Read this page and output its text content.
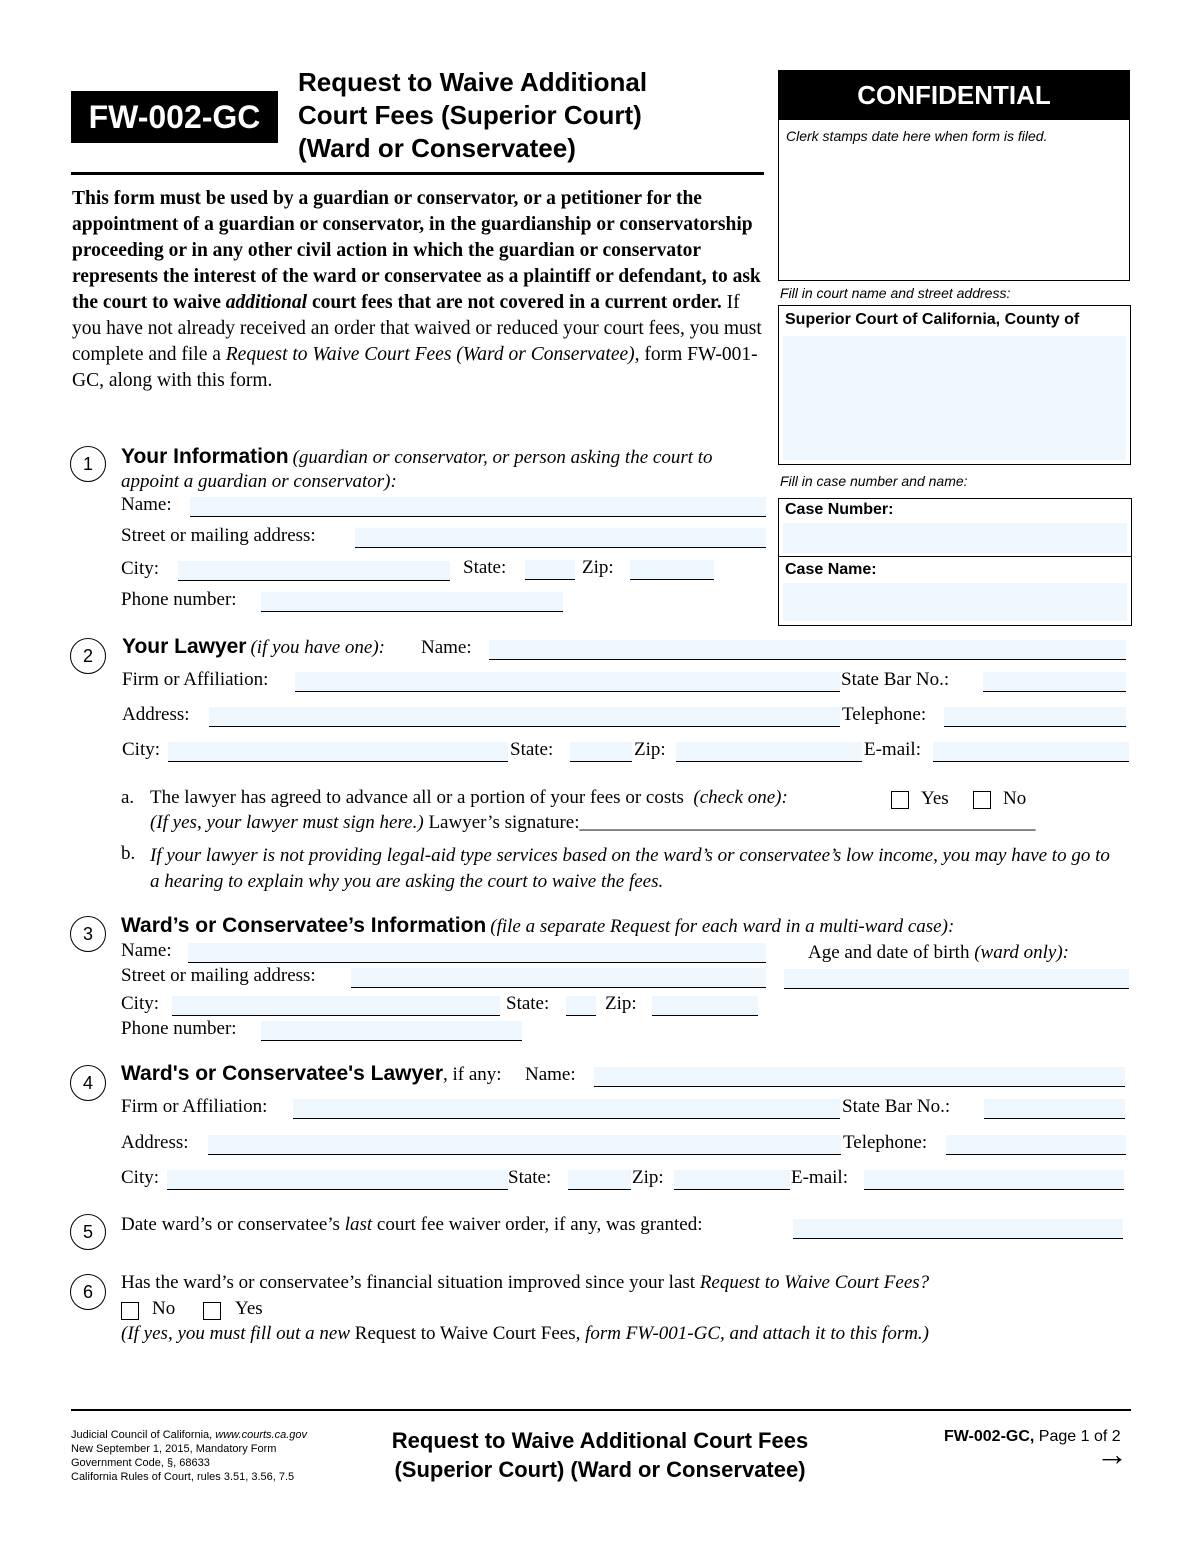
FW-002-GC
Request to Waive Additional
Court Fees (Superior Court)
(Ward or Conservatee)
CONFIDENTIAL
Clerk stamps date here when form is filed.
Fill in court name and street address:
Superior Court of California, County of
Fill in case number and name:
Case Number:
Case Name:
This form must be used by a guardian or conservator, or a petitioner for the appointment of a guardian or conservator, in the guardianship or conservatorship proceeding or in any other civil action in which the guardian or conservator represents the interest of the ward or conservatee as a plaintiff or defendant, to ask the court to waive additional court fees that are not covered in a current order. If you have not already received an order that waived or reduced your court fees, you must complete and file a Request to Waive Court Fees (Ward or Conservatee), form FW-001-GC, along with this form.
1	Your Information (guardian or conservator, or person asking the court to appoint a guardian or conservator):
Name:
Street or mailing address:
City:	State:	Zip:
Phone number:
2	Your Lawyer (if you have one): Name:
Firm or Affiliation:	State Bar No.:
Address:	Telephone:
City:	State:	Zip:	E-mail:
a. The lawyer has agreed to advance all or a portion of your fees or costs (check one):	Yes	No
(If yes, your lawyer must sign here.) Lawyer’s signature:________________________________________________
b. If your lawyer is not providing legal-aid type services based on the ward’s or conservatee’s low income, you may have to go to a hearing to explain why you are asking the court to waive the fees.
3	Ward’s or Conservatee’s Information (file a separate Request for each ward in a multi-ward case):
Name:	Age and date of birth (ward only):
Street or mailing address:
City:	State:	Zip:
Phone number:
4	Ward's or Conservatee's Lawyer, if any: Name:
Firm or Affiliation:	State Bar No.:
Address:	Telephone:
City:	State:	Zip:	E-mail:
5	Date ward’s or conservatee’s last court fee waiver order, if any, was granted:
6	Has the ward’s or conservatee’s financial situation improved since your last Request to Waive Court Fees?
No	Yes
(If yes, you must fill out a new Request to Waive Court Fees, form FW-001-GC, and attach it to this form.)
Judicial Council of California, www.courts.ca.gov
New September 1, 2015, Mandatory Form
Government Code, §, 68633
California Rules of Court, rules 3.51, 3.56, 7.5
Request to Waive Additional Court Fees
(Superior Court) (Ward or Conservatee)
FW-002-GC, Page 1 of 2
→
